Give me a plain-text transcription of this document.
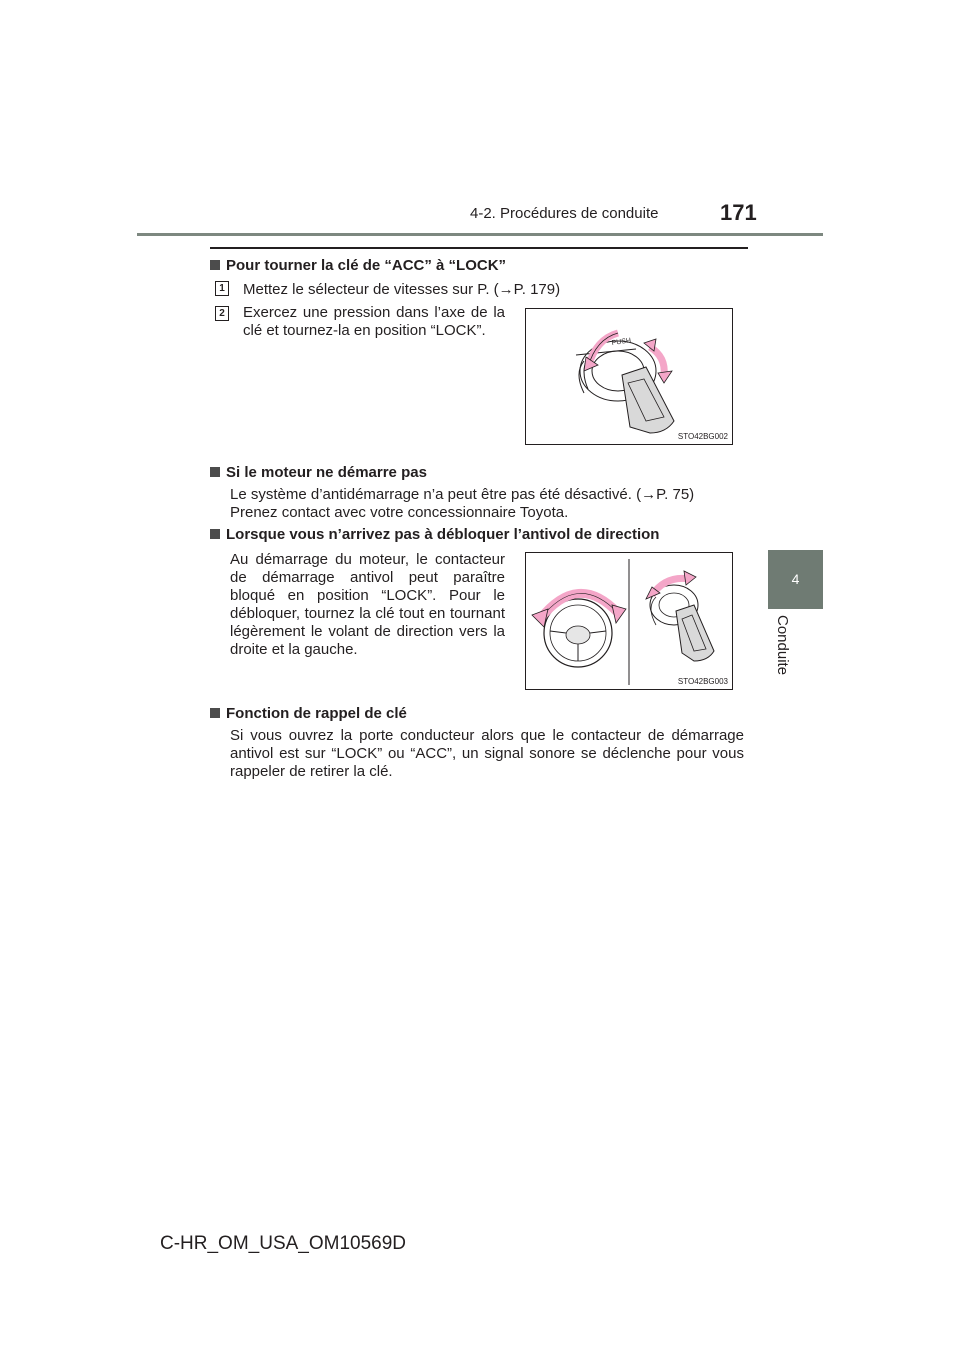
4-2. Procédures de conduite	171
4
Conduite
Pour tourner la clé de “ACC” à “LOCK”
1 Mettez le sélecteur de vitesses sur P. (→P. 179)
2 Exercez une pression dans l’axe de la clé et tournez-la en position “LOCK”.
PUSH
STO42BG002
Si le moteur ne démarre pas
Le système d’antidémarrage n’a peut être pas été désactivé. (→P. 75) Prenez contact avec votre concessionnaire Toyota.
Lorsque vous n’arrivez pas à débloquer l’antivol de direction
Au démarrage du moteur, le contacteur de démarrage antivol peut paraître bloqué en position “LOCK”. Pour le débloquer, tournez la clé tout en tournant légèrement le volant de direction vers la droite et la gauche.
STO42BG003
Fonction de rappel de clé
Si vous ouvrez la porte conducteur alors que le contacteur de démarrage antivol est sur “LOCK” ou “ACC”, un signal sonore se déclenche pour vous rappeler de retirer la clé.
C-HR_OM_USA_OM10569D
